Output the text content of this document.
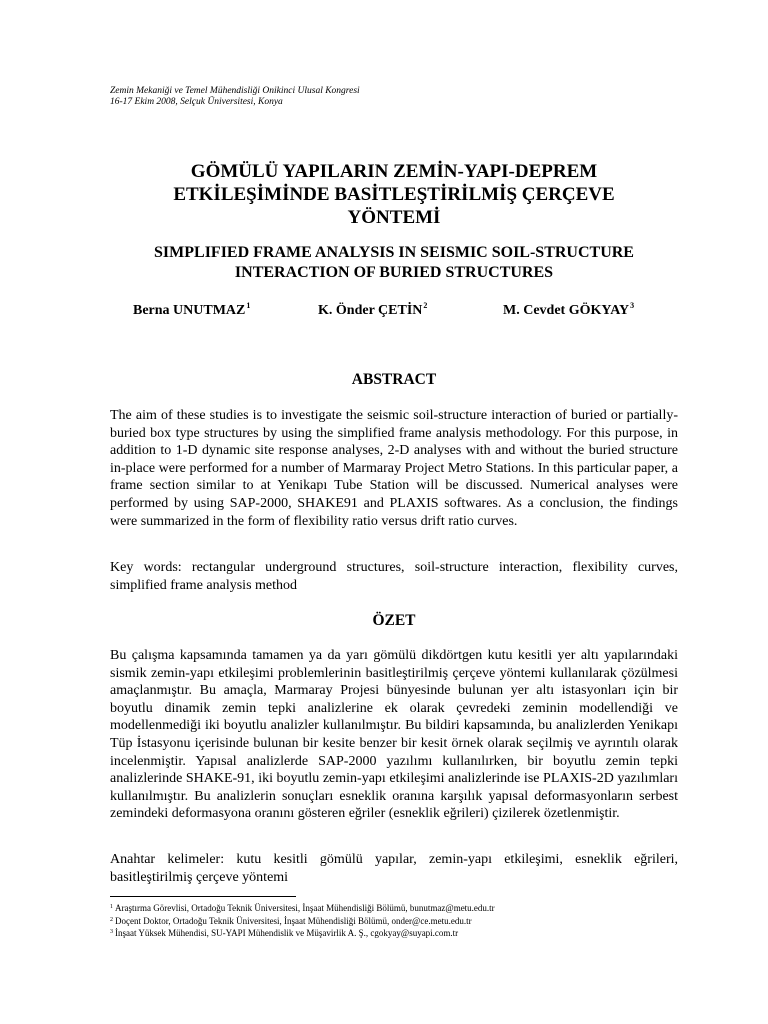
Zemin Mekaniği ve Temel Mühendisliği Onikinci Ulusal Kongresi
16-17 Ekim 2008, Selçuk Üniversitesi, Konya
GÖMÜLÜ YAPILARIN ZEMİN-YAPI-DEPREM
ETKİLEŞİMİNDE BASİTLEŞTİRİLMİŞ ÇERÇEVE
YÖNTEMİ
SIMPLIFIED FRAME ANALYSIS IN SEISMIC SOIL-STRUCTURE
INTERACTION OF BURIED STRUCTURES
Berna UNUTMAZ$^1$	K. Önder ÇETİN$^2$	M. Cevdet GÖKYAY$^3$
ABSTRACT

The aim of these studies is to investigate the seismic soil-structure interaction of buried or partially-buried box type structures by using the simplified frame analysis methodology. For this purpose, in addition to 1-D dynamic site response analyses, 2-D analyses with and without the buried structure in-place were performed for a number of Marmaray Project Metro Stations. In this particular paper, a frame section similar to at Yenikapı Tube Station will be discussed. Numerical analyses were performed by using SAP-2000, SHAKE91 and PLAXIS softwares. As a conclusion, the findings were summarized in the form of flexibility ratio versus drift ratio curves.

Key words: rectangular underground structures, soil-structure interaction, flexibility curves, simplified frame analysis method

ÖZET

Bu çalışma kapsamında tamamen ya da yarı gömülü dikdörtgen kutu kesitli yer altı yapılarındaki sismik zemin-yapı etkileşimi problemlerinin basitleştirilmiş çerçeve yöntemi kullanılarak çözülmesi amaçlanmıştır. Bu amaçla, Marmaray Projesi bünyesinde bulunan yer altı istasyonları için bir boyutlu dinamik zemin tepki analizlerine ek olarak çevredeki zeminin modellendiği ve modellenmediği iki boyutlu analizler kullanılmıştır. Bu bildiri kapsamında, bu analizlerden Yenikapı Tüp İstasyonu içerisinde bulunan bir kesite benzer bir kesit örnek olarak seçilmiş ve ayrıntılı olarak incelenmiştir. Yapısal analizlerde SAP-2000 yazılımı kullanılırken, bir boyutlu zemin tepki analizlerinde SHAKE-91, iki boyutlu zemin-yapı etkileşimi analizlerinde ise PLAXIS-2D yazılımları kullanılmıştır. Bu analizlerin sonuçları esneklik oranına karşılık yapısal deformasyonların serbest zemindeki deformasyona oranını gösteren eğriler (esneklik eğrileri) çizilerek özetlenmiştir.

Anahtar kelimeler: kutu kesitli gömülü yapılar, zemin-yapı etkileşimi, esneklik eğrileri, basitleştirilmiş çerçeve yöntemi

$^1$ Araştırma Görevlisi, Ortadoğu Teknik Üniversitesi, İnşaat Mühendisliği Bölümü, bunutmaz@metu.edu.tr
$^2$ Doçent Doktor, Ortadoğu Teknik Üniversitesi, İnşaat Mühendisliği Bölümü, onder@ce.metu.edu.tr
$^3$ İnşaat Yüksek Mühendisi, SU-YAPI Mühendislik ve Müşavirlik A. Ş., cgokyay@suyapi.com.tr
